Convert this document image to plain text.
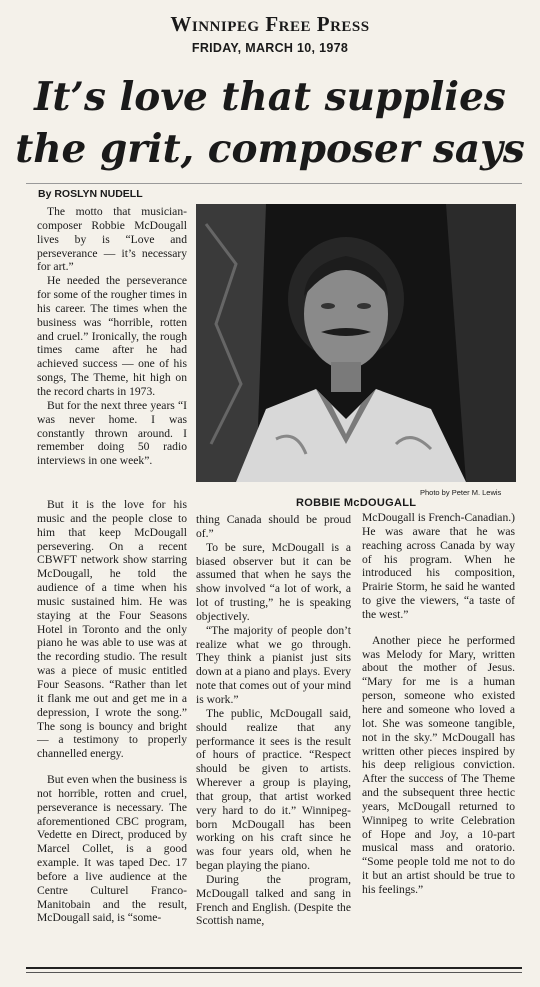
Winnipeg Free Press
FRIDAY, MARCH 10, 1978
It’s love that supplies
the grit, composer says
By ROSLYN NUDELL

The motto that musician-composer Robbie McDougall lives by is “Love and perseverance — it’s necessary for art.”

He needed the perseverance for some of the rougher times in his career. The times when the business was “horrible, rotten and cruel.” Ironically, the rough times came after he had achieved success — one of his songs, The Theme, hit high on the record charts in 1973.

But for the next three years “I was never home. I was constantly thrown around. I remember doing 50 radio interviews in one week”.

Photo by Peter M. Lewis
ROBBIE McDOUGALL

But it is the love for his music and the people close to him that keep McDougall persevering. On a recent CBWFT network show starring McDougall, he told the audience of a time when his music sustained him. He was staying at the Four Seasons Hotel in Toronto and the only piano he was able to use was at the recording studio. The result was a piece of music entitled Four Seasons. “Rather than let it flank me out and get me in a depression, I wrote the song.” The song is bouncy and bright — a testimony to properly channelled energy.

But even when the business is not horrible, rotten and cruel, perseverance is necessary. The aforementioned CBC program, Vedette en Direct, produced by Marcel Collet, is a good example. It was taped Dec. 17 before a live audience at the Centre Culturel Franco-Manitobain and the result, McDougall said, is “some-

thing Canada should be proud of.”

To be sure, McDougall is a biased observer but it can be assumed that when he says the show involved “a lot of work, a lot of trusting,” he is speaking objectively.

“The majority of people don’t realize what we go through. They think a pianist just sits down at a piano and plays. Every note that comes out of your mind is work.”

The public, McDougall said, should realize that any performance it sees is the result of hours of practice. “Respect should be given to artists. Wherever a group is playing, that group, that artist worked very hard to do it.” Winnipeg-born McDougall has been working on his craft since he was four years old, when he began playing the piano.

During the program, McDougall talked and sang in French and English. (Despite the Scottish name,

McDougall is French-Canadian.) He was aware that he was reaching across Canada by way of his program. When he introduced his composition, Prairie Storm, he said he wanted to give the viewers, “a taste of the west.”

Another piece he performed was Melody for Mary, written about the mother of Jesus. “Mary for me is a human person, someone who existed here and someone who loved a lot. She was someone tangible, not in the sky.” McDougall has written other pieces inspired by his deep religious conviction. After the success of The Theme and the subsequent three hectic years, McDougall returned to Winnipeg to write Celebration of Hope and Joy, a 10-part musical mass and oratorio. “Some people told me not to do it but an artist should be true to his feelings.”
